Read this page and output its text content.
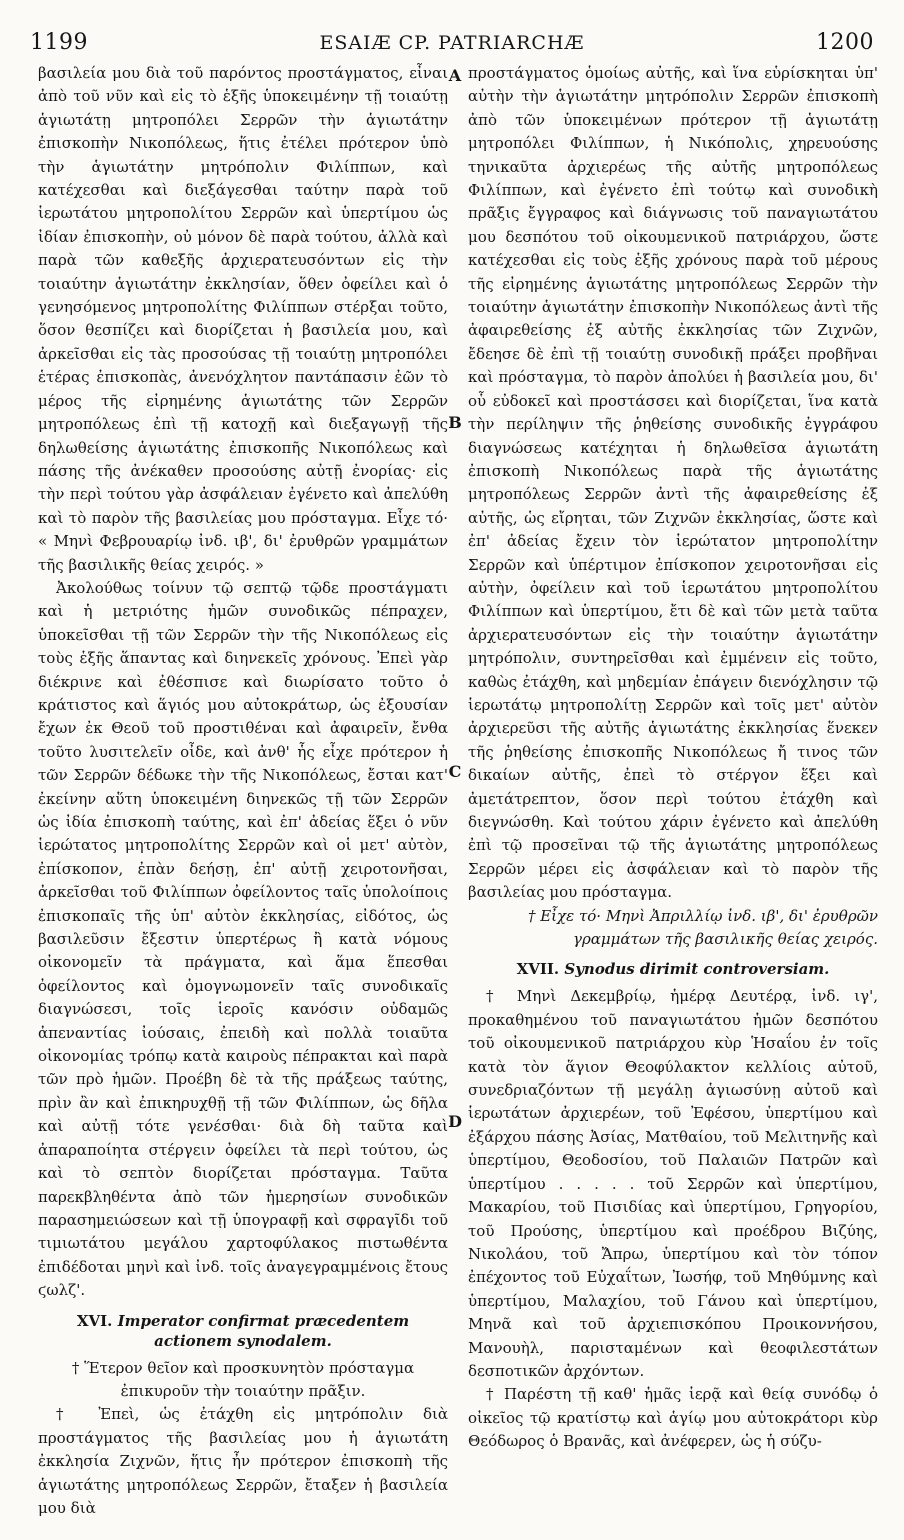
1199	ESAIÆ CP. PATRIARCHÆ	1200
A
B
C
D

βασιλεία μου διὰ τοῦ παρόντος προστάγματος, εἶναι ἀπὸ τοῦ νῦν καὶ εἰς τὸ ἑξῆς ὑποκειμένην τῇ τοιαύτῃ ἁγιωτάτῃ μητροπόλει Σερρῶν τὴν ἁγιωτάτην ἐπισκοπὴν Νικοπόλεως, ἥτις ἐτέλει πρότερον ὑπὸ τὴν ἁγιωτάτην μητρόπολιν Φιλίππων, καὶ κατέχεσθαι καὶ διεξάγεσθαι ταύτην παρὰ τοῦ ἱερωτάτου μητροπολίτου Σερρῶν καὶ ὑπερτίμου ὡς ἰδίαν ἐπισκοπὴν, οὐ μόνον δὲ παρὰ τούτου, ἀλλὰ καὶ παρὰ τῶν καθεξῆς ἀρχιερατευσόντων εἰς τὴν τοιαύτην ἁγιωτάτην ἐκκλησίαν, ὅθεν ὀφείλει καὶ ὁ γενησόμενος μητροπολίτης Φιλίππων στέρξαι τοῦτο, ὅσον θεσπίζει καὶ διορίζεται ἡ βασιλεία μου, καὶ ἀρκεῖσθαι εἰς τὰς προσούσας τῇ τοιαύτῃ μητροπόλει ἑτέρας ἐπισκοπὰς, ἀνενόχλητον παντάπασιν ἐῶν τὸ μέρος τῆς εἰρημένης ἁγιωτάτης τῶν Σερρῶν μητροπόλεως ἐπὶ τῇ κατοχῇ καὶ διεξαγωγῇ τῆς δηλωθείσης ἁγιωτάτης ἐπισκοπῆς Νικοπόλεως καὶ πάσης τῆς ἀνέκαθεν προσούσης αὐτῇ ἐνορίας· εἰς τὴν περὶ τούτου γὰρ ἀσφάλειαν ἐγένετο καὶ ἀπελύθη καὶ τὸ παρὸν τῆς βασιλείας μου πρόσταγμα. Εἶχε τό· « Μηνὶ Φεβρουαρίῳ ἰνδ. ιβ', δι' ἐρυθρῶν γραμμάτων τῆς βασιλικῆς θείας χειρός. »

Ἀκολούθως τοίνυν τῷ σεπτῷ τῷδε προστάγματι καὶ ἡ μετριότης ἡμῶν συνοδικῶς πέπραχεν, ὑποκεῖσθαι τῇ τῶν Σερρῶν τὴν τῆς Νικοπόλεως εἰς τοὺς ἑξῆς ἅπαντας καὶ διηνεκεῖς χρόνους. Ἐπεὶ γὰρ διέκρινε καὶ ἐθέσπισε καὶ διωρίσατο τοῦτο ὁ κράτιστος καὶ ἅγιός μου αὐτοκράτωρ, ὡς ἐξουσίαν ἔχων ἐκ Θεοῦ τοῦ προστιθέναι καὶ ἀφαιρεῖν, ἔνθα τοῦτο λυσιτελεῖν οἶδε, καὶ ἀνθ' ἧς εἶχε πρότερον ἡ τῶν Σερρῶν δέδωκε τὴν τῆς Νικοπόλεως, ἔσται κατ' ἐκείνην αὕτη ὑποκειμένη διηνεκῶς τῇ τῶν Σερρῶν ὡς ἰδία ἐπισκοπὴ ταύτης, καὶ ἐπ' ἀδείας ἕξει ὁ νῦν ἱερώτατος μητροπολίτης Σερρῶν καὶ οἱ μετ' αὐτὸν, ἐπίσκοπον, ἐπὰν δεήσῃ, ἐπ' αὐτῇ χειροτονῆσαι, ἀρκεῖσθαι τοῦ Φιλίππων ὀφείλοντος ταῖς ὑπολοίποις ἐπισκοπαῖς τῆς ὑπ' αὐτὸν ἐκκλησίας, εἰδότος, ὡς βασιλεῦσιν ἔξεστιν ὑπερτέρως ἢ κατὰ νόμους οἰκονομεῖν τὰ πράγματα, καὶ ἅμα ἕπεσθαι ὀφείλοντος καὶ ὁμογνωμονεῖν ταῖς συνοδικαῖς διαγνώσεσι, τοῖς ἱεροῖς κανόσιν οὐδαμῶς ἀπεναντίας ἰούσαις, ἐπειδὴ καὶ πολλὰ τοιαῦτα οἰκονομίας τρόπῳ κατὰ καιροὺς πέπρακται καὶ παρὰ τῶν πρὸ ἡμῶν. Προέβη δὲ τὰ τῆς πράξεως ταύτης, πρὶν ἂν καὶ ἐπικηρυχθῇ τῇ τῶν Φιλίππων, ὡς δῆλα καὶ αὐτῇ τότε γενέσθαι· διὰ δὴ ταῦτα καὶ ἀπαραποίητα στέργειν ὀφείλει τὰ περὶ τούτου, ὡς καὶ τὸ σεπτὸν διορίζεται πρόσταγμα. Ταῦτα παρεκβληθέντα ἀπὸ τῶν ἡμερησίων συνοδικῶν παρασημειώσεων καὶ τῇ ὑπογραφῇ καὶ σφραγῖδι τοῦ τιμιωτάτου μεγάλου χαρτοφύλακος πιστωθέντα ἐπιδέδοται μηνὶ καὶ ἰνδ. τοῖς ἀναγεγραμμένοις ἔτους ϛωλζ'.

XVI. Imperator confirmat præcedentem actionem synodalem.

† Ἕτερον θεῖον καὶ προσκυνητὸν πρόσταγμα ἐπικυροῦν τὴν τοιαύτην πρᾶξιν.

† Ἐπεὶ, ὡς ἐτάχθη εἰς μητρόπολιν διὰ προστάγματος τῆς βασιλείας μου ἡ ἁγιωτάτη ἐκκλησία Ζιχνῶν, ἥτις ἦν πρότερον ἐπισκοπὴ τῆς ἁγιωτάτης μητροπόλεως Σερρῶν, ἔταξεν ἡ βασιλεία μου διὰ

προστάγματος ὁμοίως αὐτῆς, καὶ ἵνα εὑρίσκηται ὑπ' αὐτὴν τὴν ἁγιωτάτην μητρόπολιν Σερρῶν ἐπισκοπὴ ἀπὸ τῶν ὑποκειμένων πρότερον τῇ ἁγιωτάτῃ μητροπόλει Φιλίππων, ἡ Νικόπολις, χηρευούσης τηνικαῦτα ἀρχιερέως τῆς αὐτῆς μητροπόλεως Φιλίππων, καὶ ἐγένετο ἐπὶ τούτῳ καὶ συνοδικὴ πρᾶξις ἔγγραφος καὶ διάγνωσις τοῦ παναγιωτάτου μου δεσπότου τοῦ οἰκουμενικοῦ πατριάρχου, ὥστε κατέχεσθαι εἰς τοὺς ἑξῆς χρόνους παρὰ τοῦ μέρους τῆς εἰρημένης ἁγιωτάτης μητροπόλεως Σερρῶν τὴν τοιαύτην ἁγιωτάτην ἐπισκοπὴν Νικοπόλεως ἀντὶ τῆς ἀφαιρεθείσης ἐξ αὐτῆς ἐκκλησίας τῶν Ζιχνῶν, ἔδεησε δὲ ἐπὶ τῇ τοιαύτῃ συνοδικῇ πράξει προβῆναι καὶ πρόσταγμα, τὸ παρὸν ἀπολύει ἡ βασιλεία μου, δι' οὗ εὐδοκεῖ καὶ προστάσσει καὶ διορίζεται, ἵνα κατὰ τὴν περίληψιν τῆς ῥηθείσης συνοδικῆς ἐγγράφου διαγνώσεως κατέχηται ἡ δηλωθεῖσα ἁγιωτάτη ἐπισκοπὴ Νικοπόλεως παρὰ τῆς ἁγιωτάτης μητροπόλεως Σερρῶν ἀντὶ τῆς ἀφαιρεθείσης ἐξ αὐτῆς, ὡς εἴρηται, τῶν Ζιχνῶν ἐκκλησίας, ὥστε καὶ ἐπ' ἀδείας ἔχειν τὸν ἱερώτατον μητροπολίτην Σερρῶν καὶ ὑπέρτιμον ἐπίσκοπον χειροτονῆσαι εἰς αὐτὴν, ὀφείλειν καὶ τοῦ ἱερωτάτου μητροπολίτου Φιλίππων καὶ ὑπερτίμου, ἔτι δὲ καὶ τῶν μετὰ ταῦτα ἀρχιερατευσόντων εἰς τὴν τοιαύτην ἁγιωτάτην μητρόπολιν, συντηρεῖσθαι καὶ ἐμμένειν εἰς τοῦτο, καθὼς ἐτάχθη, καὶ μηδεμίαν ἐπάγειν διενόχλησιν τῷ ἱερωτάτῳ μητροπολίτῃ Σερρῶν καὶ τοῖς μετ' αὐτὸν ἀρχιερεῦσι τῆς αὐτῆς ἁγιωτάτης ἐκκλησίας ἕνεκεν τῆς ῥηθείσης ἐπισκοπῆς Νικοπόλεως ἤ τινος τῶν δικαίων αὐτῆς, ἐπεὶ τὸ στέργον ἕξει καὶ ἀμετάτρεπτον, ὅσον περὶ τούτου ἐτάχθη καὶ διεγνώσθη. Καὶ τούτου χάριν ἐγένετο καὶ ἀπελύθη ἐπὶ τῷ προσεῖναι τῷ τῆς ἁγιωτάτης μητροπόλεως Σερρῶν μέρει εἰς ἀσφάλειαν καὶ τὸ παρὸν τῆς βασιλείας μου πρόσταγμα.

† Εἶχε τό· Μηνὶ Ἀπριλλίῳ ἰνδ. ιβ', δι' ἐρυθρῶν γραμμάτων τῆς βασιλικῆς θείας χειρός.

XVII. Synodus dirimit controversiam.

† Μηνὶ Δεκεμβρίῳ, ἡμέρᾳ Δευτέρᾳ, ἰνδ. ιγ', προκαθημένου τοῦ παναγιωτάτου ἡμῶν δεσπότου τοῦ οἰκουμενικοῦ πατριάρχου κὺρ Ἡσαΐου ἐν τοῖς κατὰ τὸν ἅγιον Θεοφύλακτον κελλίοις αὐτοῦ, συνεδριαζόντων τῇ μεγάλῃ ἁγιωσύνῃ αὐτοῦ καὶ ἱερωτάτων ἀρχιερέων, τοῦ Ἐφέσου, ὑπερτίμου καὶ ἐξάρχου πάσης Ἀσίας, Ματθαίου, τοῦ Μελιτηνῆς καὶ ὑπερτίμου, Θεοδοσίου, τοῦ Παλαιῶν Πατρῶν καὶ ὑπερτίμου . . . . . τοῦ Σερρῶν καὶ ὑπερτίμου, Μακαρίου, τοῦ Πισιδίας καὶ ὑπερτίμου, Γρηγορίου, τοῦ Προύσης, ὑπερτίμου καὶ προέδρου Βιζύης, Νικολάου, τοῦ Ἄπρω, ὑπερτίμου καὶ τὸν τόπον ἐπέχοντος τοῦ Εὐχαΐτων, Ἰωσήφ, τοῦ Μηθύμνης καὶ ὑπερτίμου, Μαλαχίου, τοῦ Γάνου καὶ ὑπερτίμου, Μηνᾶ καὶ τοῦ ἀρχιεπισκόπου Προικοννήσου, Μανουὴλ, παρισταμένων καὶ θεοφιλεστάτων δεσποτικῶν ἀρχόντων.

† Παρέστη τῇ καθ' ἡμᾶς ἱερᾷ καὶ θείᾳ συνόδῳ ὁ οἰκεῖος τῷ κρατίστῳ καὶ ἁγίῳ μου αὐτοκράτορι κὺρ Θεόδωρος ὁ Βρανᾶς, καὶ ἀνέφερεν, ὡς ἡ σύζυ-
